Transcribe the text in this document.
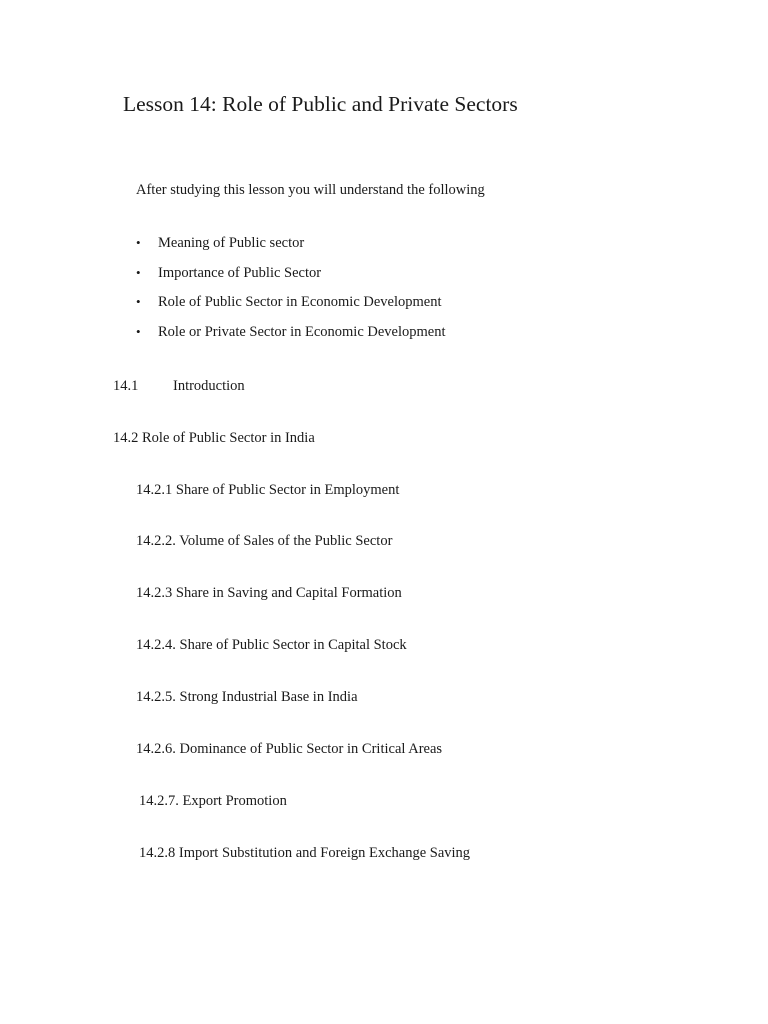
Lesson 14: Role of Public and Private Sectors
After studying this lesson you will understand the following
•	Meaning of Public sector
•	Importance of Public Sector
•	Role of Public Sector in Economic Development
•	Role or Private Sector in Economic Development
14.1 Introduction
14.2 Role of Public Sector in India
14.2.1 Share of Public Sector in Employment
14.2.2. Volume of Sales of the Public Sector
14.2.3 Share in Saving and Capital Formation
14.2.4. Share of Public Sector in Capital Stock
14.2.5. Strong Industrial Base in India
14.2.6. Dominance of Public Sector in Critical Areas
14.2.7. Export Promotion
14.2.8 Import Substitution and Foreign Exchange Saving
